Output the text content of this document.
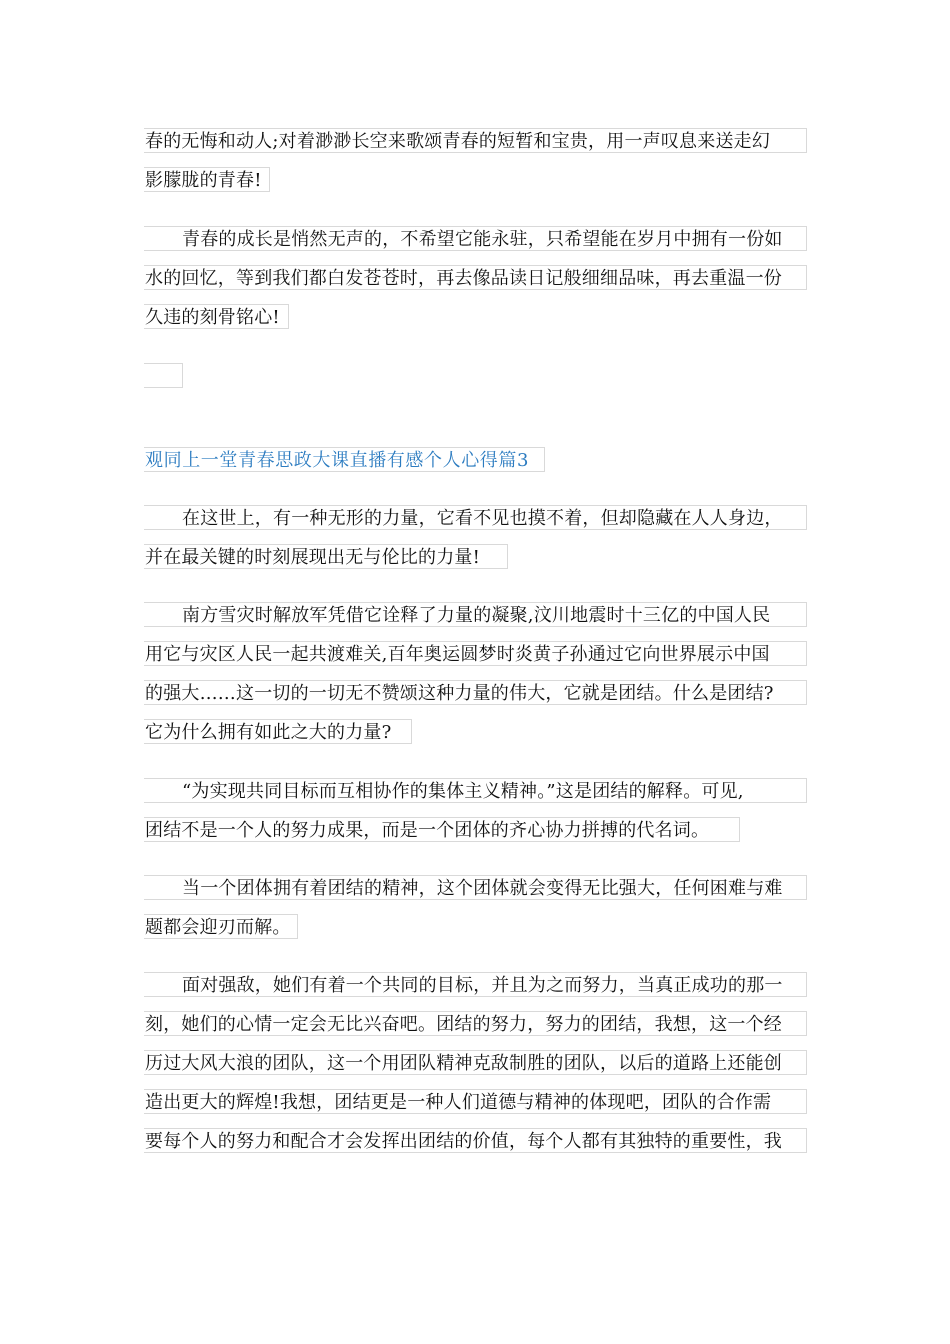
春的无悔和动人;对着渺渺长空来歌颂青春的短暂和宝贵，用一声叹息来送走幻
影朦胧的青春!
青春的成长是悄然无声的，不希望它能永驻，只希望能在岁月中拥有一份如
水的回忆，等到我们都白发苍苍时，再去像品读日记般细细品味，再去重温一份
久违的刻骨铭心!
观同上一堂青春思政大课直播有感个人心得篇3
在这世上，有一种无形的力量，它看不见也摸不着，但却隐藏在人人身边，
并在最关键的时刻展现出无与伦比的力量!
南方雪灾时解放军凭借它诠释了力量的凝聚,汶川地震时十三亿的中国人民
用它与灾区人民一起共渡难关,百年奥运圆梦时炎黄子孙通过它向世界展示中国
的强大……这一切的一切无不赞颂这种力量的伟大，它就是团结。什么是团结?
它为什么拥有如此之大的力量?
“为实现共同目标而互相协作的集体主义精神。”这是团结的解释。可见,
团结不是一个人的努力成果，而是一个团体的齐心协力拼搏的代名词。
当一个团体拥有着团结的精神，这个团体就会变得无比强大，任何困难与难
题都会迎刃而解。
面对强敌，她们有着一个共同的目标，并且为之而努力，当真正成功的那一
刻，她们的心情一定会无比兴奋吧。团结的努力，努力的团结，我想，这一个经
历过大风大浪的团队，这一个用团队精神克敌制胜的团队，以后的道路上还能创
造出更大的辉煌!我想，团结更是一种人们道德与精神的体现吧，团队的合作需
要每个人的努力和配合才会发挥出团结的价值，每个人都有其独特的重要性，我
